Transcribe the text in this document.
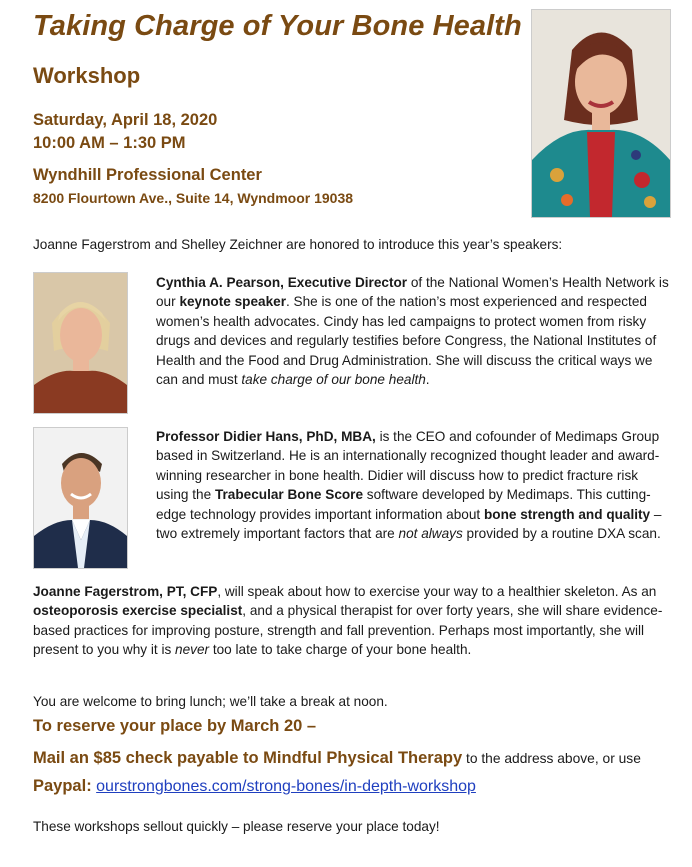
Taking Charge of Your Bone Health
Workshop
Saturday, April 18, 2020
10:00 AM – 1:30 PM
Wyndhill Professional Center
8200 Flourtown Ave., Suite 14, Wyndmoor 19038

Joanne Fagerstrom and Shelley Zeichner are honored to introduce this year’s speakers:

Cynthia A. Pearson, Executive Director of the National Women’s Health Network is our keynote speaker. She is one of the nation’s most experienced and respected women’s health advocates. Cindy has led campaigns to protect women from risky drugs and devices and regularly testifies before Congress, the National Institutes of Health and the Food and Drug Administration. She will discuss the critical ways we can and must take charge of our bone health.

Professor Didier Hans, PhD, MBA, is the CEO and cofounder of Medimaps Group based in Switzerland. He is an internationally recognized thought leader and award-winning researcher in bone health. Didier will discuss how to predict fracture risk using the Trabecular Bone Score software developed by Medimaps. This cutting-edge technology provides important information about bone strength and quality – two extremely important factors that are not always provided by a routine DXA scan.

Joanne Fagerstrom, PT, CFP, will speak about how to exercise your way to a healthier skeleton. As an osteoporosis exercise specialist, and a physical therapist for over forty years, she will share evidence-based practices for improving posture, strength and fall prevention. Perhaps most importantly, she will present to you why it is never too late to take charge of your bone health.

You are welcome to bring lunch; we’ll take a break at noon.

To reserve your place by March 20 –
Mail an $85 check payable to Mindful Physical Therapy to the address above, or use
Paypal: ourstrongbones.com/strong-bones/in-depth-workshop

These workshops sellout quickly – please reserve your place today!
